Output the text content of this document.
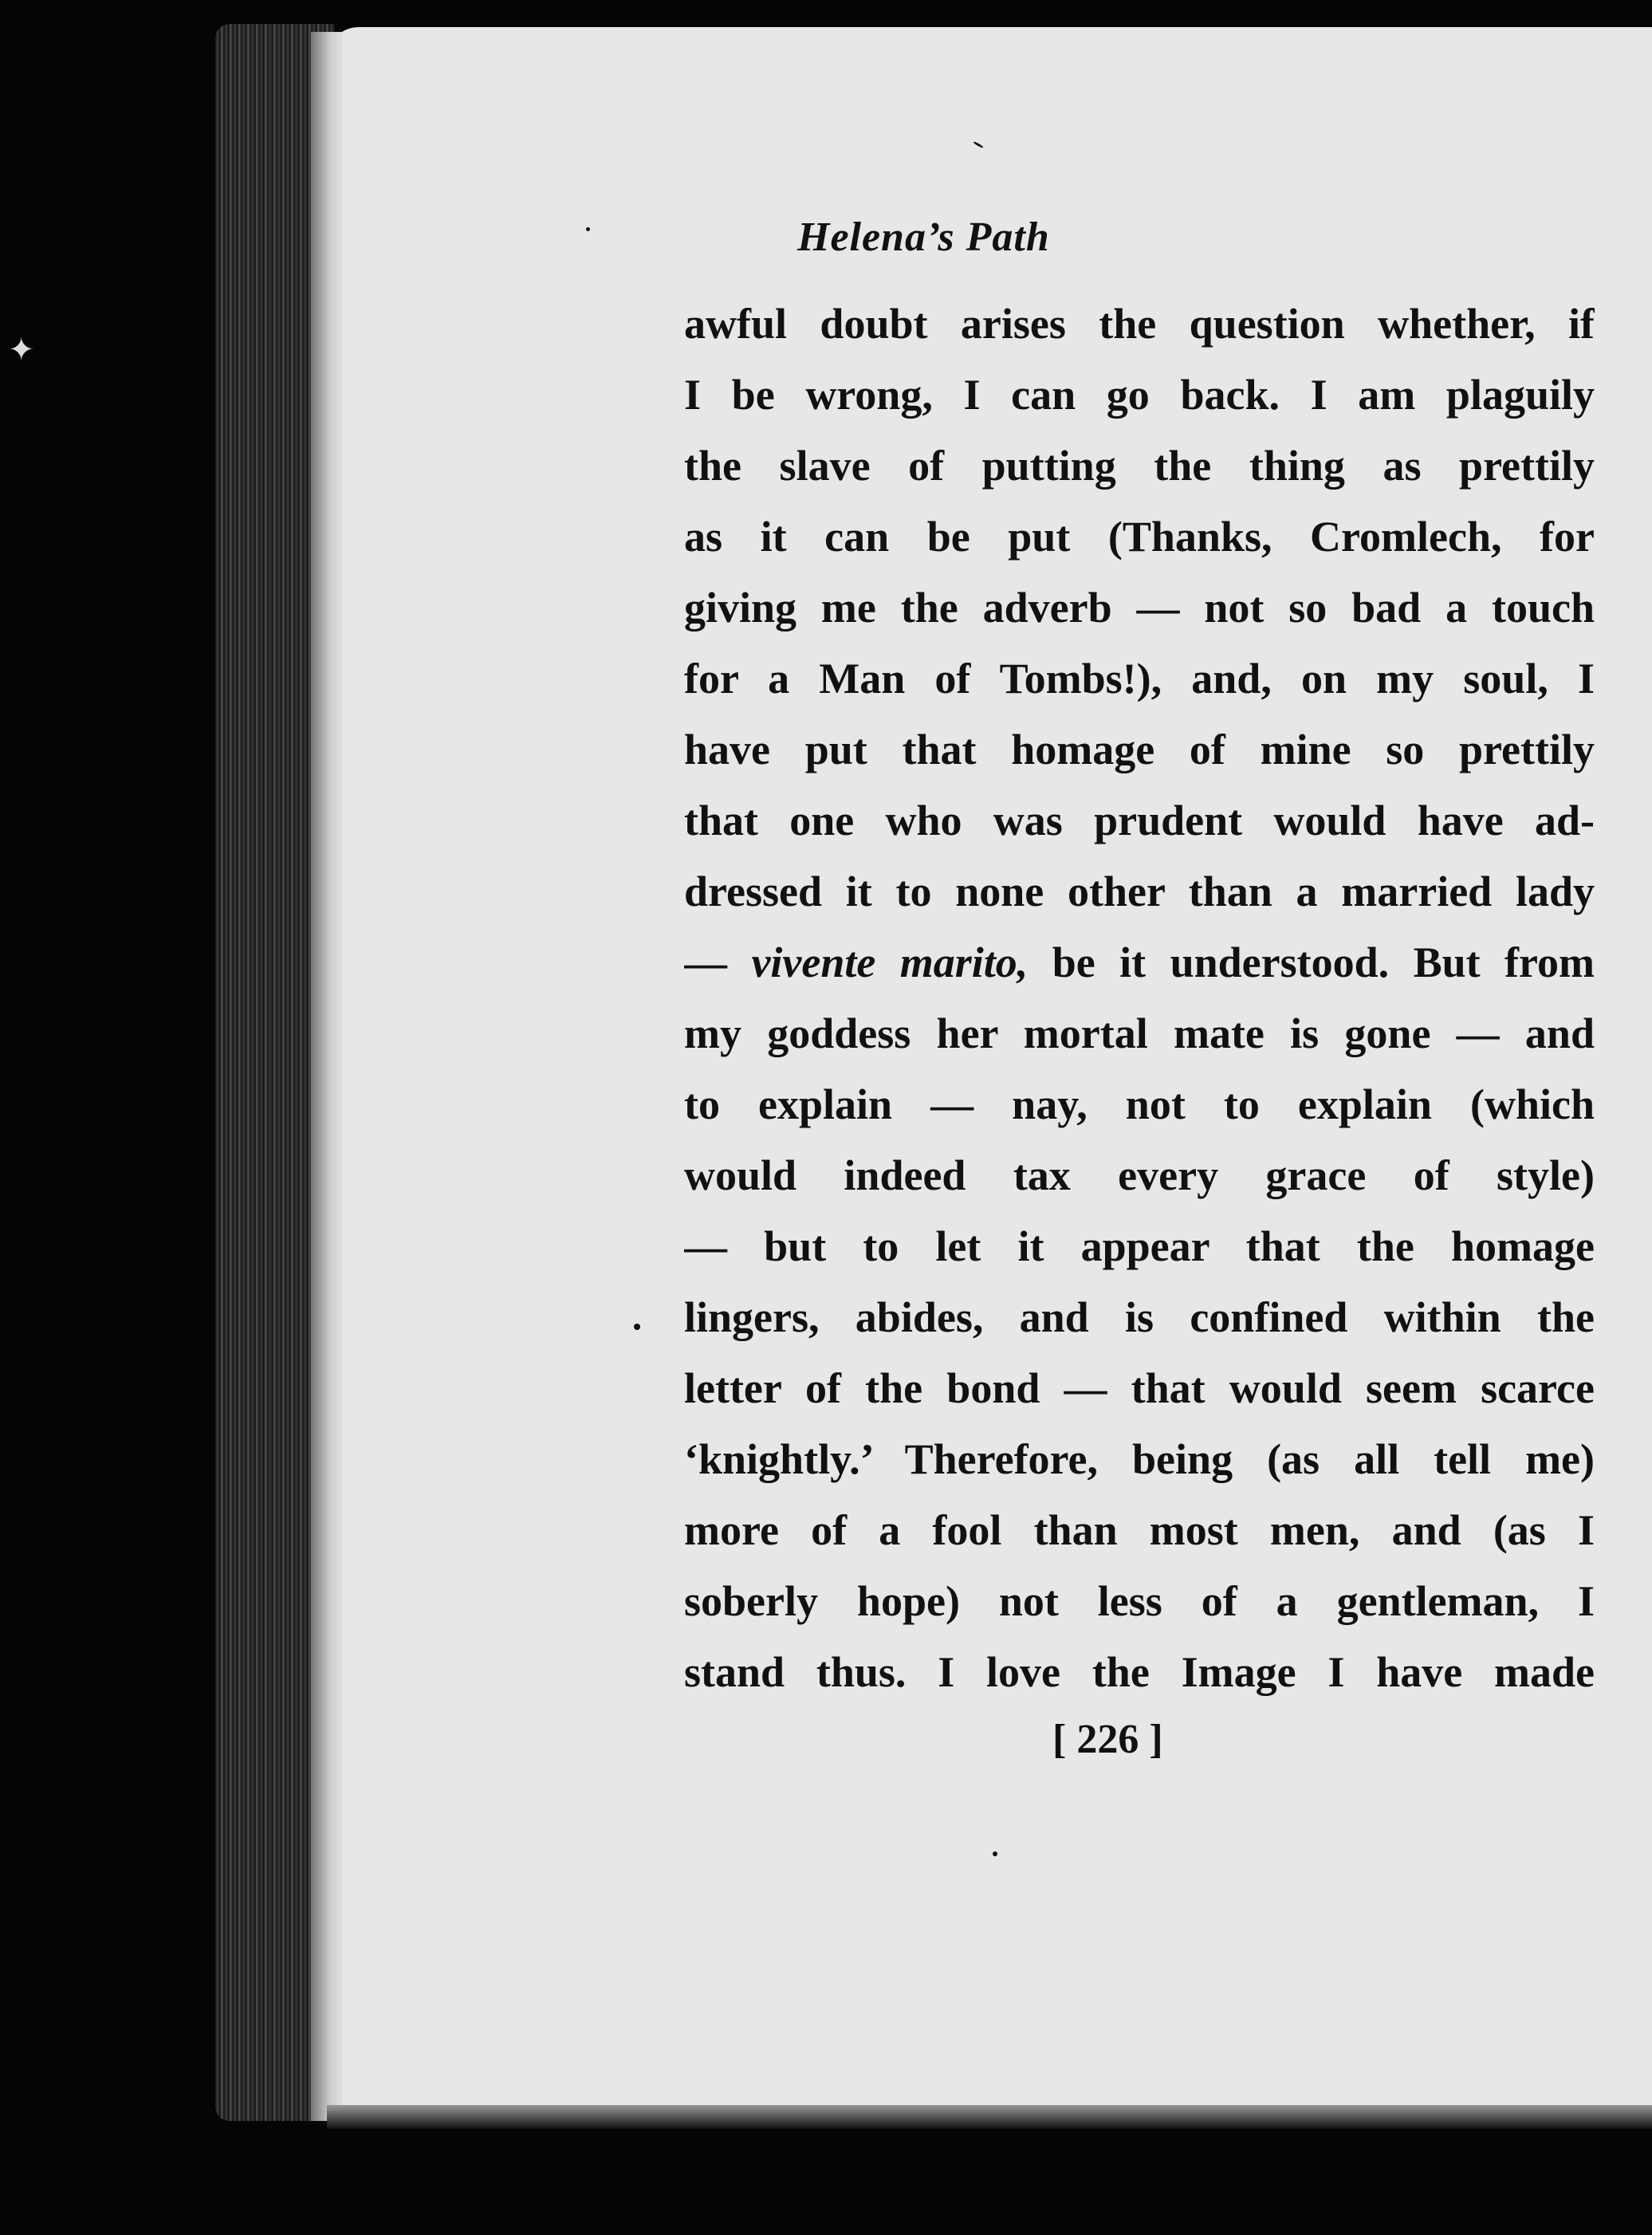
✦
Helena’s Path
awful doubt arises the question whether, if
I be wrong, I can go back. I am plaguily
the slave of putting the thing as prettily
as it can be put (Thanks, Cromlech, for
giving me the adverb — not so bad a touch
for a Man of Tombs!), and, on my soul, I
have put that homage of mine so prettily
that one who was prudent would have ad-
dressed it to none other than a married lady
— vivente marito, be it understood. But from
my goddess her mortal mate is gone — and
to explain — nay, not to explain (which
would indeed tax every grace of style)
— but to let it appear that the homage
lingers, abides, and is confined within the
letter of the bond — that would seem scarce
‘knightly.’ Therefore, being (as all tell me)
more of a fool than most men, and (as I
soberly hope) not less of a gentleman, I
stand thus. I love the Image I have made

[ 226 ]
